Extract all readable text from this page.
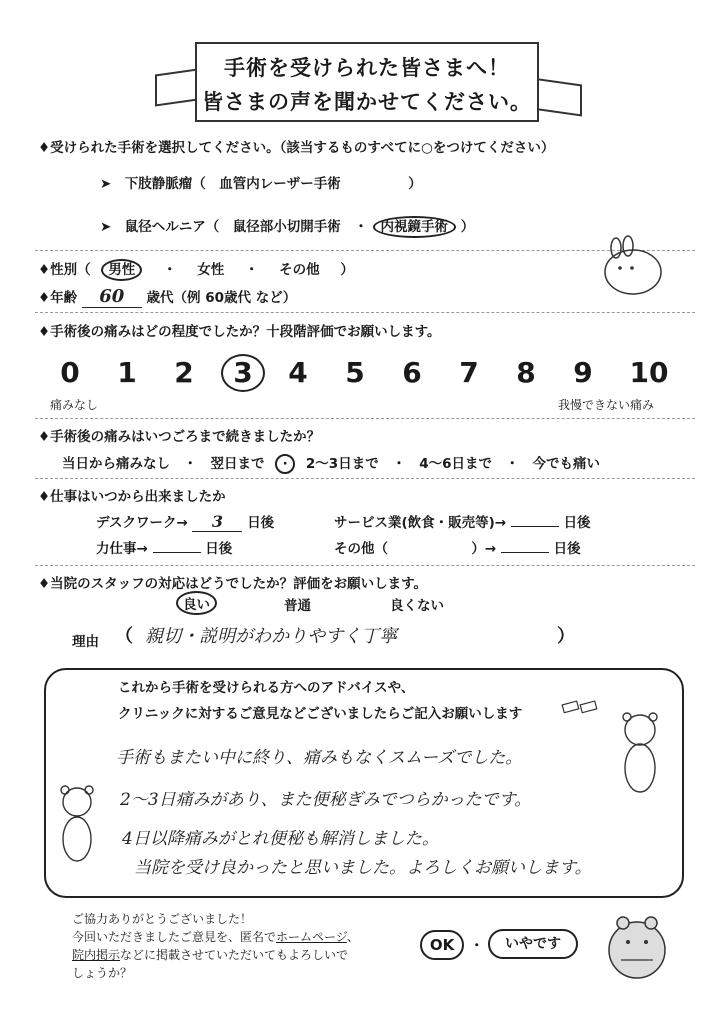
手術を受けられた皆さまへ！
皆さまの声を聞かせてください。
♦受けられた手術を選択してください。（該当するものすべてに○をつけてください）
➤　下肢静脈瘤（　血管内レーザー手術　　　　　）
➤　鼠径ヘルニア（　鼠径部小切開手術　・ 内視鏡手術 ）
♦性別（ 男性 ・ 女性 ・ その他 ）
♦年齢 60 歳代（例 60歳代 など）
♦手術後の痛みはどの程度でしたか？十段階評価でお願いします。
0	1	2	3	4	5	6	7	8	9	10
痛みなし	我慢できない痛み
♦手術後の痛みはいつごろまで続きましたか？
当日から痛みなし　・　翌日まで · 2〜3日まで　・　4〜6日まで　・　今でも痛い
♦仕事はいつから出来ましたか
デスクワーク→ 3 日後	サービス業(飲食・販売等)→	日後
力仕事→	日後	その他（	）→	日後
♦当院のスタッフの対応はどうでしたか？評価をお願いします。
良い	普通	良くない
理由 （ 親切・説明がわかりやすく丁寧	）
これから手術を受けられる方へのアドバイスや、
クリニックに対するご意見などございましたらご記入お願いします
手術もまたい中に終り、痛みもなくスムーズでした。
2〜3日痛みがあり、また便秘ぎみでつらかったです。
4日以降痛みがとれ便秘も解消しました。
当院を受け良かったと思いました。よろしくお願いします。
ご協力ありがとうございました！
今回いただきましたご意見を、匿名でホームページ、
院内掲示などに掲載させていただいてもよろしいで
しょうか？
OK	・	いやです
